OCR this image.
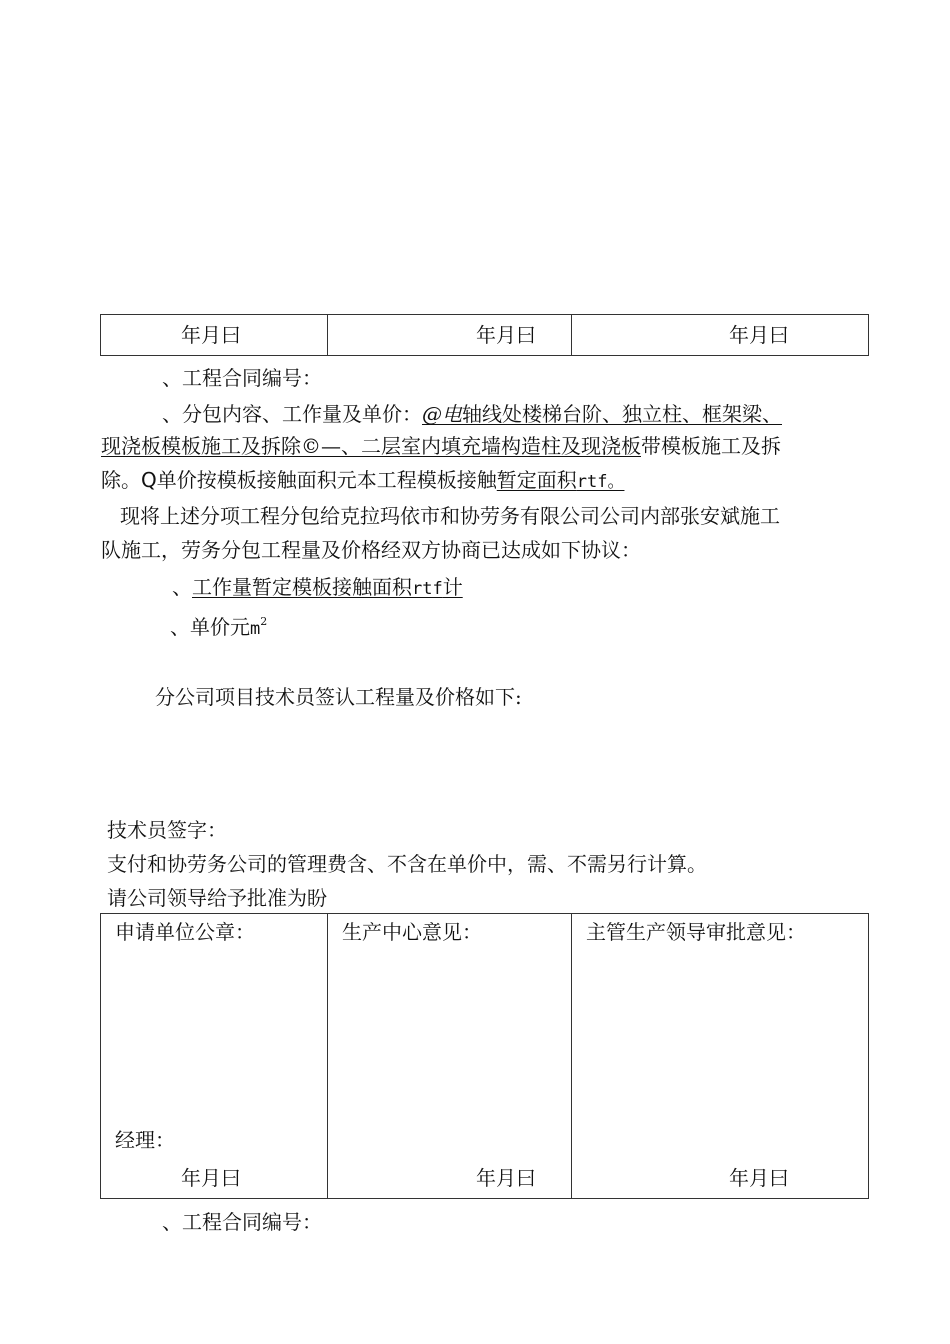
年月曰	年月曰	年月曰
、工程合同编号：
、分包内容、工作量及单价：@电轴线处楼梯台阶、独立柱、框架梁、
现浇板模板施工及拆除©—、二层室内填充墙构造柱及现浇板带模板施工及拆
除。Q单价按模板接触面积元本工程模板接触暂定面积rtf。
现将上述分项工程分包给克拉玛依市和协劳务有限公司公司内部张安斌施工
队施工，劳务分包工程量及价格经双方协商已达成如下协议：
、工作量暂定模板接触面积rtf计
、单价元$m^2$
分公司项目技术员签认工程量及价格如下:
技术员签字：
支付和协劳务公司的管理费含、不含在单价中，需、不需另行计算。
请公司领导给予批准为盼
申请单位公章：
经理：
年月曰

生产中心意见：
年月曰

主管生产领导审批意见：
年月曰
、工程合同编号：
